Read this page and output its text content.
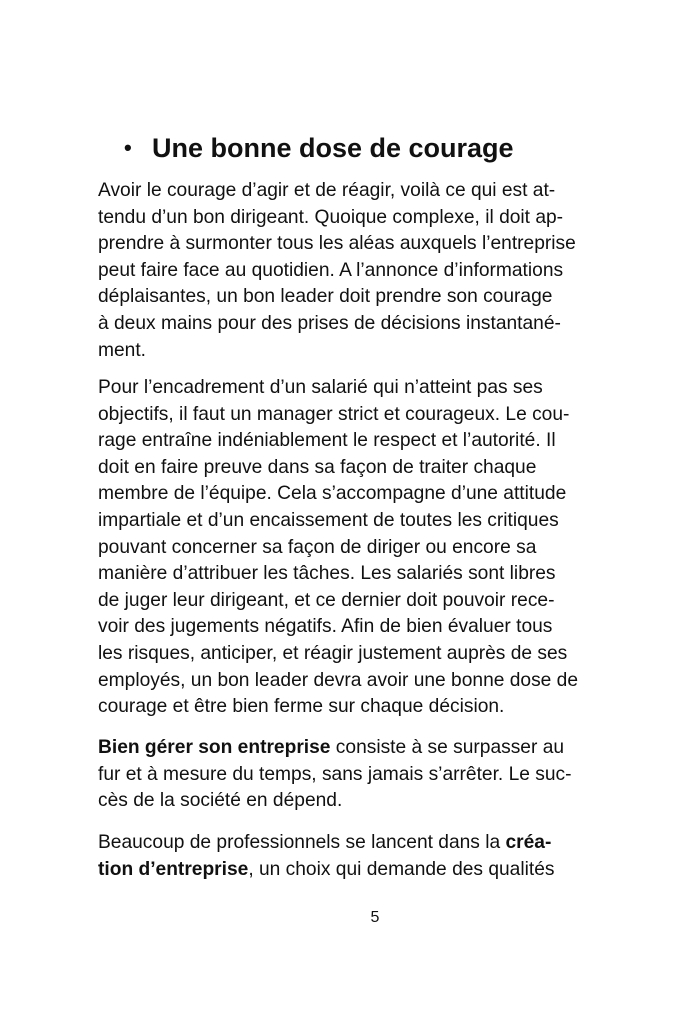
• Une bonne dose de courage

Avoir le courage d’agir et de réagir, voilà ce qui est at-
tendu d’un bon dirigeant. Quoique complexe, il doit ap-
prendre à surmonter tous les aléas auxquels l’entreprise
peut faire face au quotidien. A l’annonce d’informations
déplaisantes, un bon leader doit prendre son courage
à deux mains pour des prises de décisions instantané-
ment.

Pour l’encadrement d’un salarié qui n’atteint pas ses
objectifs, il faut un manager strict et courageux. Le cou-
rage entraîne indéniablement le respect et l’autorité. Il
doit en faire preuve dans sa façon de traiter chaque
membre de l’équipe. Cela s’accompagne d’une attitude
impartiale et d’un encaissement de toutes les critiques
pouvant concerner sa façon de diriger ou encore sa
manière d’attribuer les tâches. Les salariés sont libres
de juger leur dirigeant, et ce dernier doit pouvoir rece-
voir des jugements négatifs. Afin de bien évaluer tous
les risques, anticiper, et réagir justement auprès de ses
employés, un bon leader devra avoir une bonne dose de
courage et être bien ferme sur chaque décision.

Bien gérer son entreprise consiste à se surpasser au
fur et à mesure du temps, sans jamais s’arrêter. Le suc-
cès de la société en dépend.

Beaucoup de professionnels se lancent dans la créa-
tion d’entreprise, un choix qui demande des qualités

5
